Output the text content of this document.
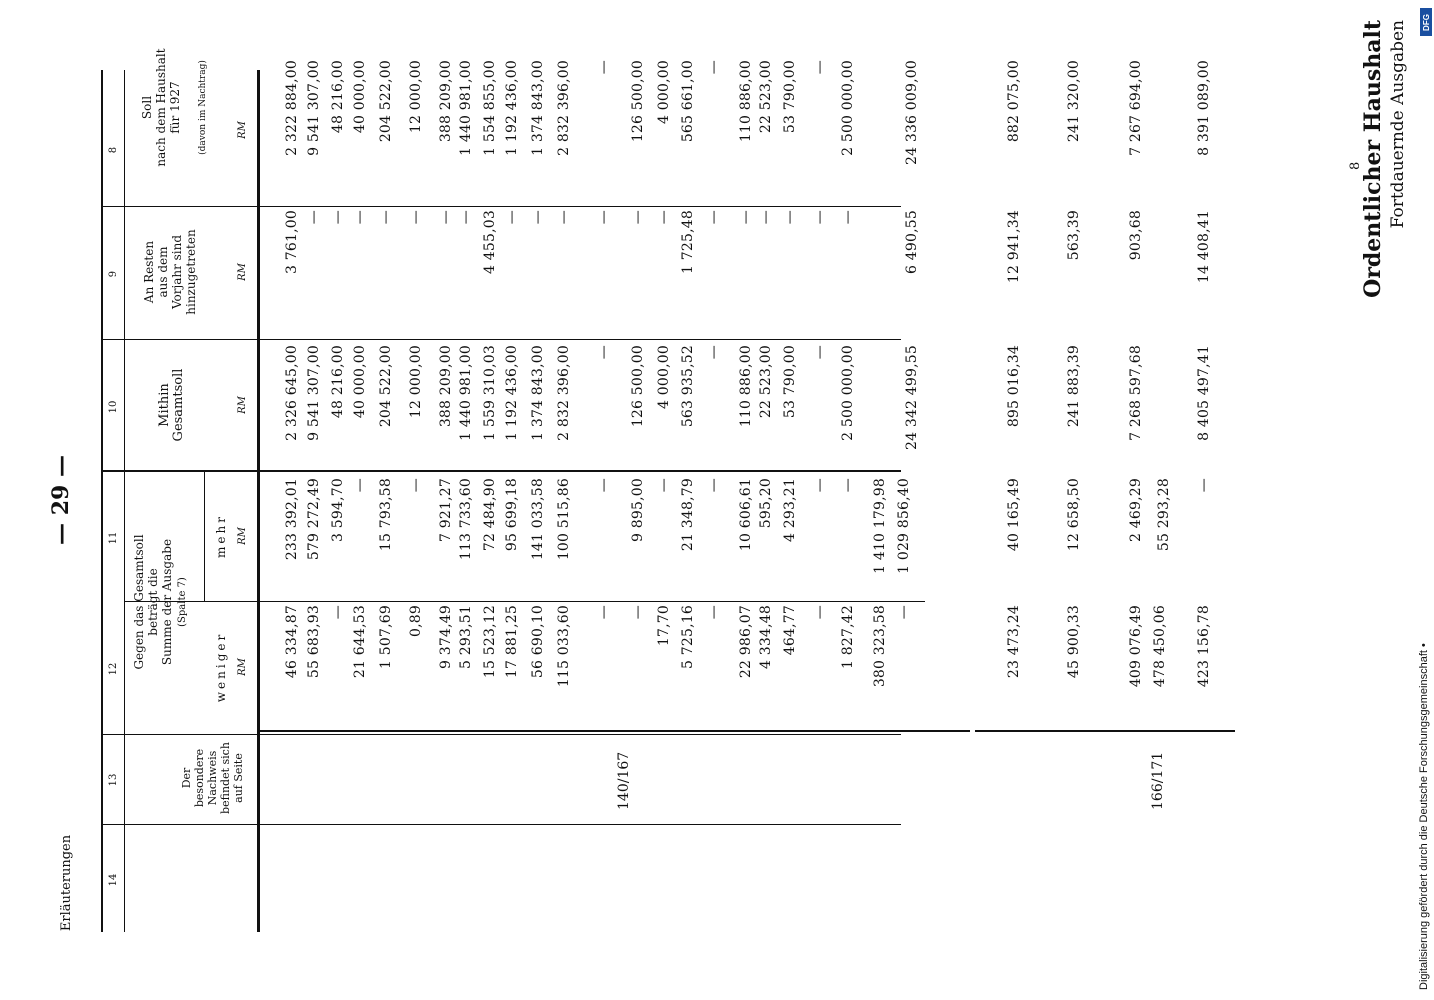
— 29 —
Ordentlicher Haushalt Fortdauernde Ausgaben
8
8
9
10
11
12
13
14
Soll
nach dem Haushalt
für 1927 (davon im Nachtrag)
An Resten
aus dem
Vorjahr sind
hinzugetreten
Mithin
Gesamtsoll
Gegen das Gesamtsoll
beträgt die
Summe der Ausgabe
(Spalte 7)
mehr
weniger
Der
besondere
Nachweis
befindet sich
auf Seite
Erläuterungen
RM
RM
RM
RM
RM
2 322 884,00
3 761,00
2 326 645,00
233 392,01
46 334,87
9 541 307,00
—
9 541 307,00
579 272,49
55 683,93
48 216,00
—
48 216,00
3 594,70
—
40 000,00
—
40 000,00
—
21 644,53
204 522,00
—
204 522,00
15 793,58
1 507,69
12 000,00
—
12 000,00
—
0,89
388 209,00
—
388 209,00
7 921,27
9 374,49
1 440 981,00
—
1 440 981,00
113 733,60
5 293,51
1 554 855,00
4 455,03
1 559 310,03
72 484,90
15 523,12
1 192 436,00
—
1 192 436,00
95 699,18
17 881,25
1 374 843,00
—
1 374 843,00
141 033,58
56 690,10
2 832 396,00
—
2 832 396,00
100 515,86
115 033,60
—
—
—
—
—
126 500,00
—
126 500,00
9 895,00
—
4 000,00
—
4 000,00
—
17,70
565 661,00
1 725,48
563 935,52
21 348,79
5 725,16
—
—
—
—
—
110 886,00
—
110 886,00
10 606,61
22 986,07
22 523,00
—
22 523,00
595,20
4 334,48
53 790,00
—
53 790,00
4 293,21
464,77
—
—
—
—
—
2 500 000,00
—
2 500 000,00
—
1 827,42
1 410 179,98
380 323,58
1 029 856,40
—
24 336 009,00
6 490,55
24 342 499,55
882 075,00
12 941,34
895 016,34
40 165,49
23 473,24
241 320,00
563,39
241 883,39
12 658,50
45 900,33
7 267 694,00
903,68
7 268 597,68
2 469,29
409 076,49
55 293,28
478 450,06
8 391 089,00
14 408,41
8 405 497,41
—
423 156,78
140/167	166/171	Digitalisierung gefördert durch die Deutsche Forschungsgemeinschaft •
DFG
